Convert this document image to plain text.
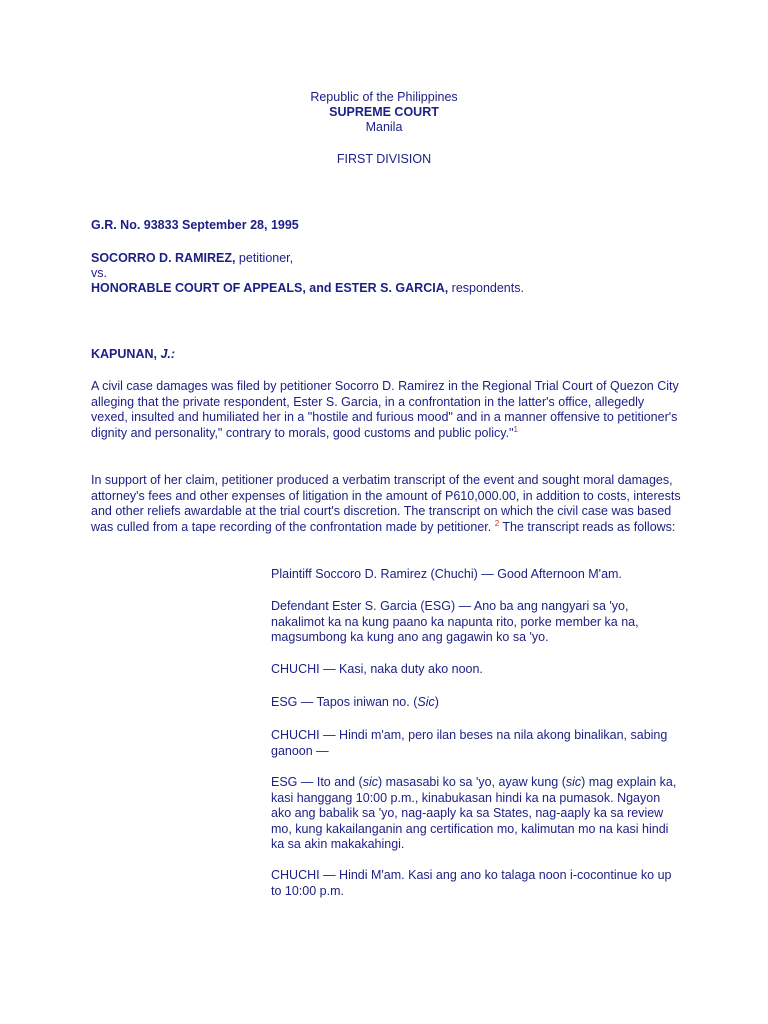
Republic of the Philippines
SUPREME COURT
Manila
FIRST DIVISION
G.R. No. 93833 September 28, 1995
SOCORRO D. RAMIREZ, petitioner,
vs.
HONORABLE COURT OF APPEALS, and ESTER S. GARCIA, respondents.
KAPUNAN, J.:

A civil case damages was filed by petitioner Socorro D. Ramirez in the Regional Trial Court of Quezon City alleging that the private respondent, Ester S. Garcia, in a confrontation in the latter's office, allegedly vexed, insulted and humiliated her in a "hostile and furious mood" and in a manner offensive to petitioner's dignity and personality," contrary to morals, good customs and public policy."$^1$

In support of her claim, petitioner produced a verbatim transcript of the event and sought moral damages, attorney's fees and other expenses of litigation in the amount of P610,000.00, in addition to costs, interests and other reliefs awardable at the trial court's discretion. The transcript on which the civil case was based was culled from a tape recording of the confrontation made by petitioner. $^2$ The transcript reads as follows:

Plaintiff Soccoro D. Ramirez (Chuchi) — Good Afternoon M'am.

Defendant Ester S. Garcia (ESG) — Ano ba ang nangyari sa 'yo, nakalimot ka na kung paano ka napunta rito, porke member ka na, magsumbong ka kung ano ang gagawin ko sa 'yo.

CHUCHI — Kasi, naka duty ako noon.

ESG — Tapos iniwan no. (Sic)

CHUCHI — Hindi m'am, pero ilan beses na nila akong binalikan, sabing ganoon —

ESG — Ito and (sic) masasabi ko sa 'yo, ayaw kung (sic) mag explain ka, kasi hanggang 10:00 p.m., kinabukasan hindi ka na pumasok. Ngayon ako ang babalik sa 'yo, nag-aaply ka sa States, nag-aaply ka sa review mo, kung kakailanganin ang certification mo, kalimutan mo na kasi hindi ka sa akin makakahingi.

CHUCHI — Hindi M'am. Kasi ang ano ko talaga noon i-cocontinue ko up to 10:00 p.m.
